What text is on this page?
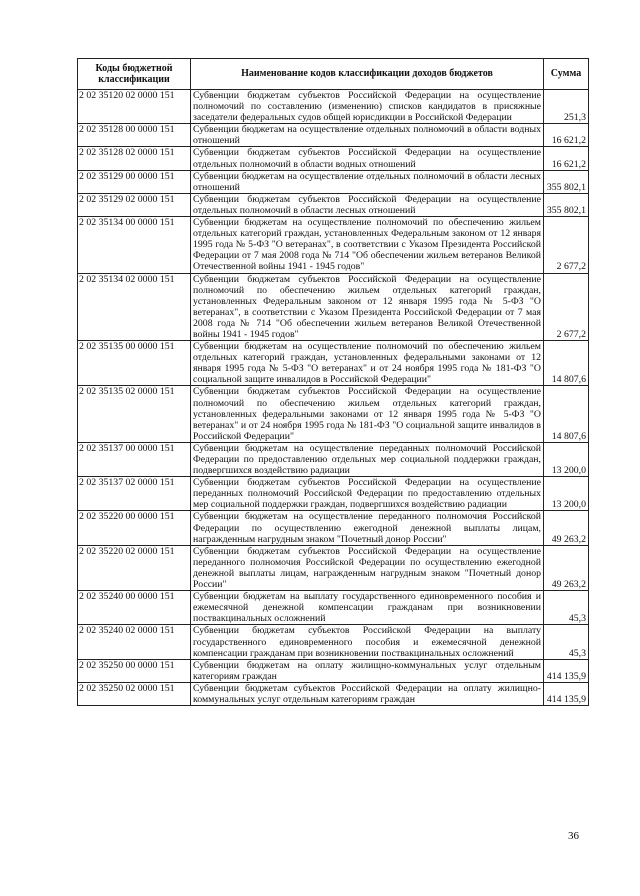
Коды бюджетной классификации	Наименование кодов классификации доходов бюджетов	Сумма
2 02 35120 02 0000 151	Субвенции бюджетам субъектов Российской Федерации на осуществление полномочий по составлению (изменению) списков кандидатов в присяжные заседатели федеральных судов общей юрисдикции в Российской Федерации	251,3
2 02 35128 00 0000 151	Субвенции бюджетам на осуществление отдельных полномочий в области водных отношений	16 621,2
2 02 35128 02 0000 151	Субвенции бюджетам субъектов Российской Федерации на осуществление отдельных полномочий в области водных отношений	16 621,2
2 02 35129 00 0000 151	Субвенции бюджетам на осуществление отдельных полномочий в области лесных отношений	355 802,1
2 02 35129 02 0000 151	Субвенции бюджетам субъектов Российской Федерации на осуществление отдельных полномочий в области лесных отношений	355 802,1
2 02 35134 00 0000 151	Субвенции бюджетам на осуществление полномочий по обеспечению жильем отдельных категорий граждан, установленных Федеральным законом от 12 января 1995 года № 5-ФЗ "О ветеранах", в соответствии с Указом Президента Российской Федерации от 7 мая 2008 года № 714 "Об обеспечении жильем ветеранов Великой Отечественной войны 1941 - 1945 годов"	2 677,2
2 02 35134 02 0000 151	Субвенции бюджетам субъектов Российской Федерации на осуществление полномочий по обеспечению жильем отдельных категорий граждан, установленных Федеральным законом от 12 января 1995 года № 5-ФЗ "О ветеранах", в соответствии с Указом Президента Российской Федерации от 7 мая 2008 года № 714 "Об обеспечении жильем ветеранов Великой Отечественной войны 1941 - 1945 годов"	2 677,2
2 02 35135 00 0000 151	Субвенции бюджетам на осуществление полномочий по обеспечению жильем отдельных категорий граждан, установленных федеральными законами от 12 января 1995 года № 5-ФЗ "О ветеранах" и от 24 ноября 1995 года № 181-ФЗ "О социальной защите инвалидов в Российской Федерации"	14 807,6
2 02 35135 02 0000 151	Субвенции бюджетам субъектов Российской Федерации на осуществление полномочий по обеспечению жильем отдельных категорий граждан, установленных федеральными законами от 12 января 1995 года № 5-ФЗ "О ветеранах" и от 24 ноября 1995 года № 181-ФЗ "О социальной защите инвалидов в Российской Федерации"	14 807,6
2 02 35137 00 0000 151	Субвенции бюджетам на осуществление переданных полномочий Российской Федерации по предоставлению отдельных мер социальной поддержки граждан, подвергшихся воздействию радиации	13 200,0
2 02 35137 02 0000 151	Субвенции бюджетам субъектов Российской Федерации на осуществление переданных полномочий Российской Федерации по предоставлению отдельных мер социальной поддержки граждан, подвергшихся воздействию радиации	13 200,0
2 02 35220 00 0000 151	Субвенции бюджетам на осуществление переданного полномочия Российской Федерации по осуществлению ежегодной денежной выплаты лицам, награжденным нагрудным знаком "Почетный донор России"	49 263,2
2 02 35220 02 0000 151	Субвенции бюджетам субъектов Российской Федерации на осуществление переданного полномочия Российской Федерации по осуществлению ежегодной денежной выплаты лицам, награжденным нагрудным знаком "Почетный донор России"	49 263,2
2 02 35240 00 0000 151	Субвенции бюджетам на выплату государственного единовременного пособия и ежемесячной денежной компенсации гражданам при возникновении поствакцинальных осложнений	45,3
2 02 35240 02 0000 151	Субвенции бюджетам субъектов Российской Федерации на выплату государственного единовременного пособия и ежемесячной денежной компенсации гражданам при возникновении поствакцинальных осложнений	45,3
2 02 35250 00 0000 151	Субвенции бюджетам на оплату жилищно-коммунальных услуг отдельным категориям граждан	414 135,9
2 02 35250 02 0000 151	Субвенции бюджетам субъектов Российской Федерации на оплату жилищно-коммунальных услуг отдельным категориям граждан	414 135,9
36
